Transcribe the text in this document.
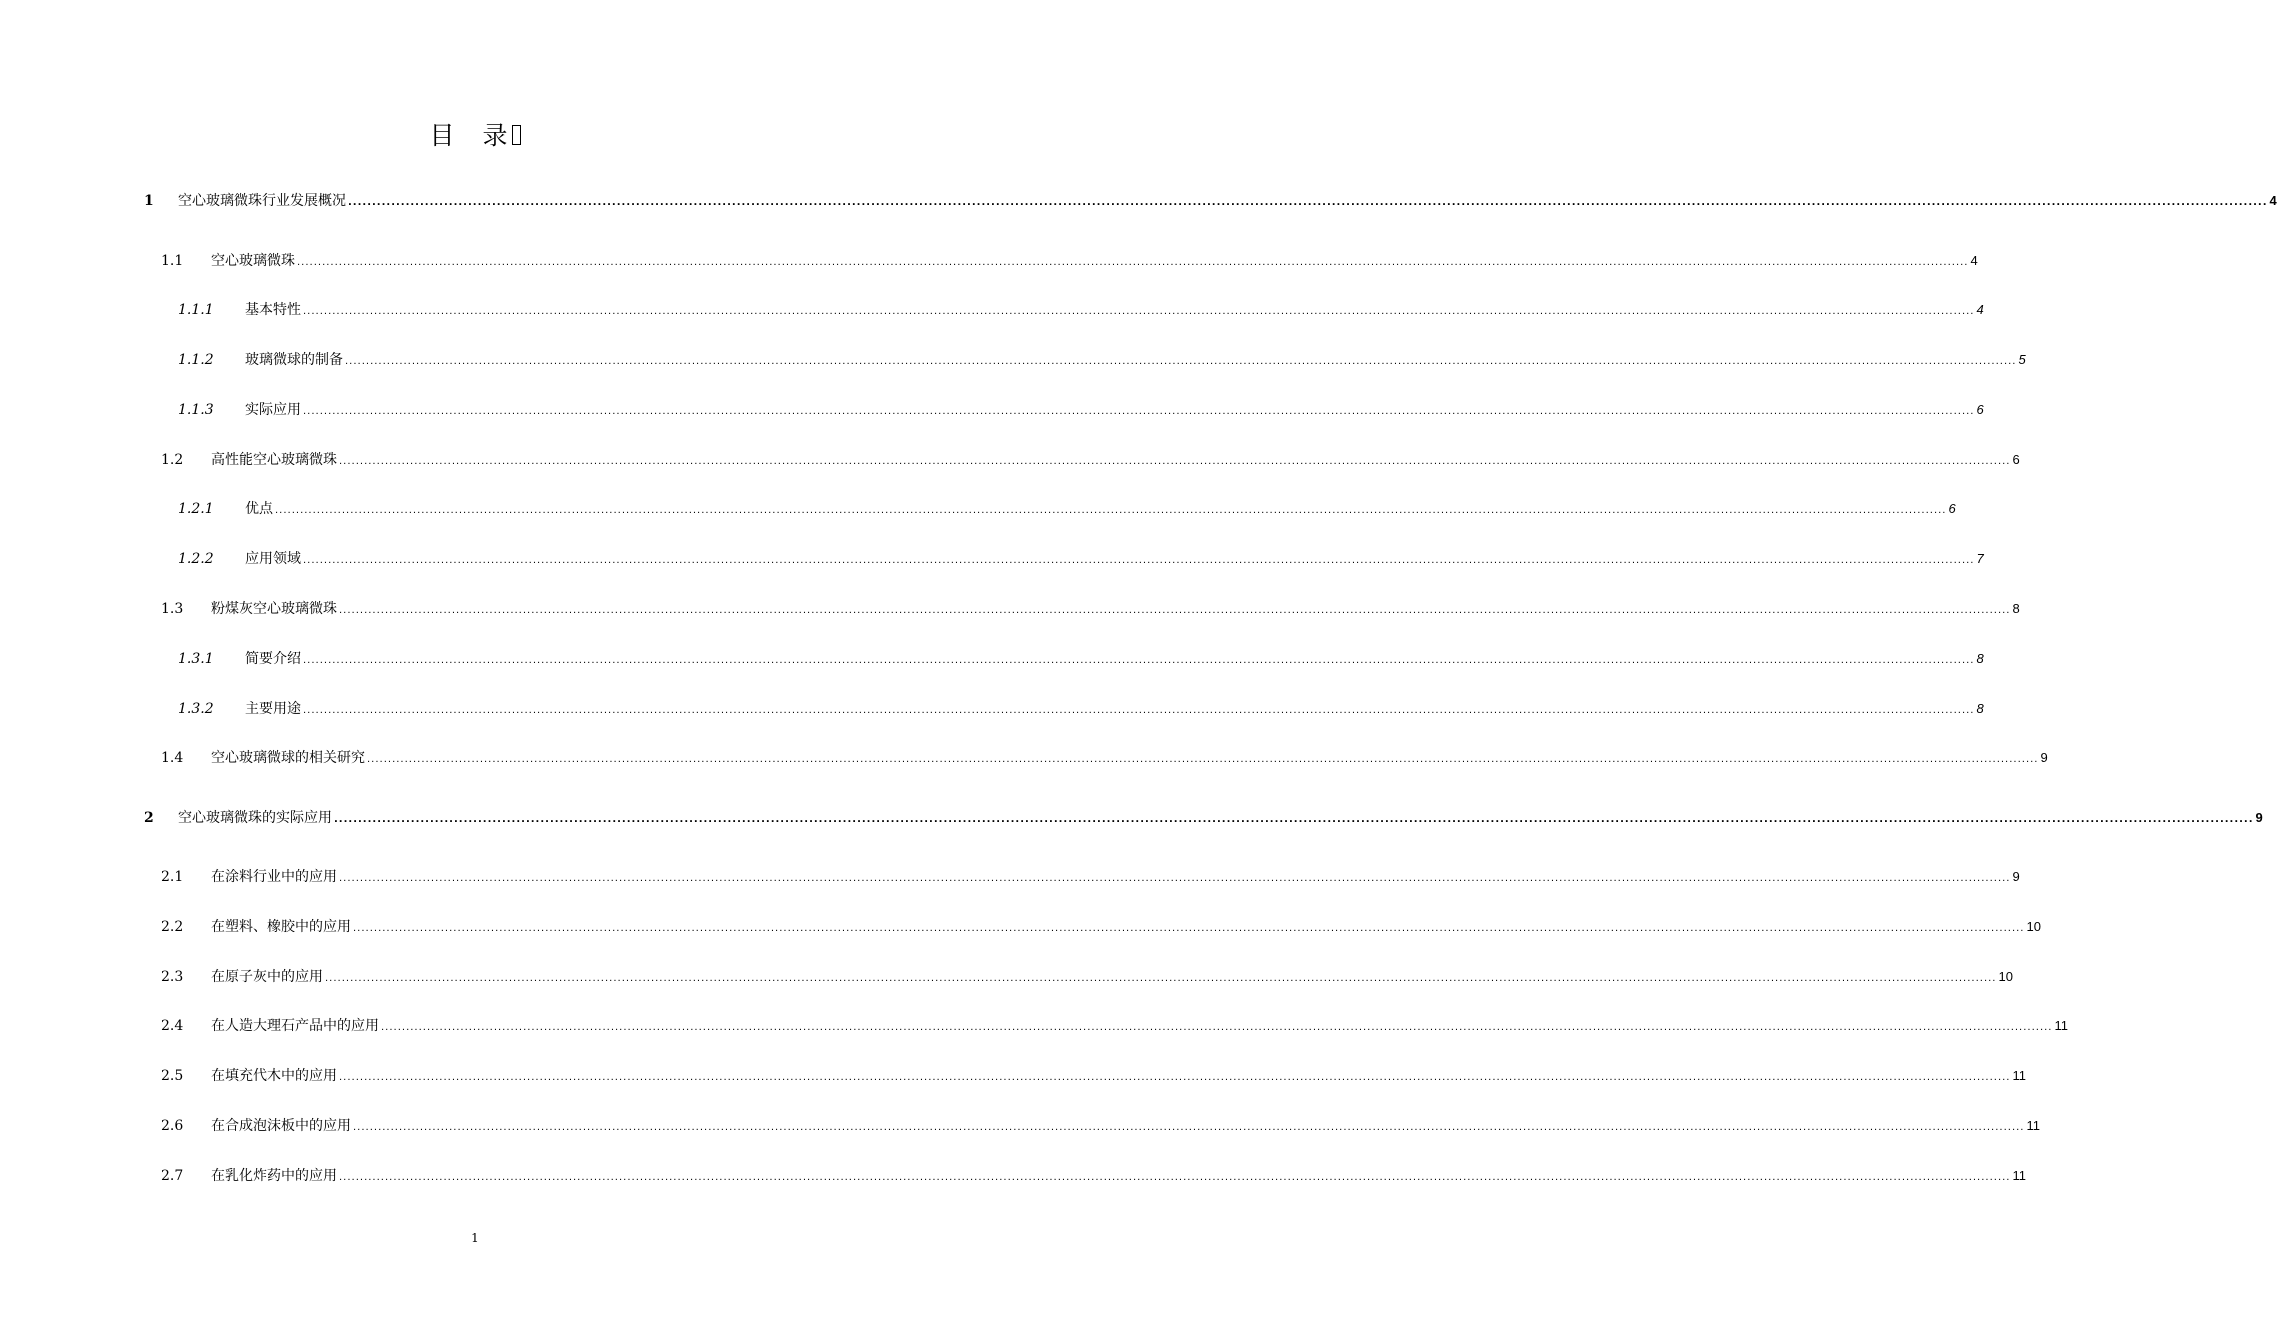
目 录
1	空心玻璃微珠行业发展概况 ................................................................................................................................................................................................................................................................................................................................................................................................................ 4
1.1	空心玻璃微珠 ................................................................................................................................................................................................................................................................................................................................................................................................................ 4
1.1.1	基本特性 ................................................................................................................................................................................................................................................................................................................................................................................................................ 4
1.1.2	玻璃微球的制备 ................................................................................................................................................................................................................................................................................................................................................................................................................ 5
1.1.3	实际应用 ................................................................................................................................................................................................................................................................................................................................................................................................................ 6
1.2	高性能空心玻璃微珠 ................................................................................................................................................................................................................................................................................................................................................................................................................ 6
1.2.1	优点 ................................................................................................................................................................................................................................................................................................................................................................................................................ 6
1.2.2	应用领域 ................................................................................................................................................................................................................................................................................................................................................................................................................ 7
1.3	粉煤灰空心玻璃微珠 ................................................................................................................................................................................................................................................................................................................................................................................................................ 8
1.3.1	简要介绍 ................................................................................................................................................................................................................................................................................................................................................................................................................ 8
1.3.2	主要用途 ................................................................................................................................................................................................................................................................................................................................................................................................................ 8
1.4	空心玻璃微球的相关研究 ................................................................................................................................................................................................................................................................................................................................................................................................................ 9
2	空心玻璃微珠的实际应用 ................................................................................................................................................................................................................................................................................................................................................................................................................ 9
2.1	在涂料行业中的应用 ................................................................................................................................................................................................................................................................................................................................................................................................................ 9
2.2	在塑料、橡胶中的应用 ................................................................................................................................................................................................................................................................................................................................................................................................................ 10
2.3	在原子灰中的应用 ................................................................................................................................................................................................................................................................................................................................................................................................................ 10
2.4	在人造大理石产品中的应用 ................................................................................................................................................................................................................................................................................................................................................................................................................ 11
2.5	在填充代木中的应用 ................................................................................................................................................................................................................................................................................................................................................................................................................ 11
2.6	在合成泡沫板中的应用 ................................................................................................................................................................................................................................................................................................................................................................................................................ 11
2.7	在乳化炸药中的应用 ................................................................................................................................................................................................................................................................................................................................................................................................................ 11
1
